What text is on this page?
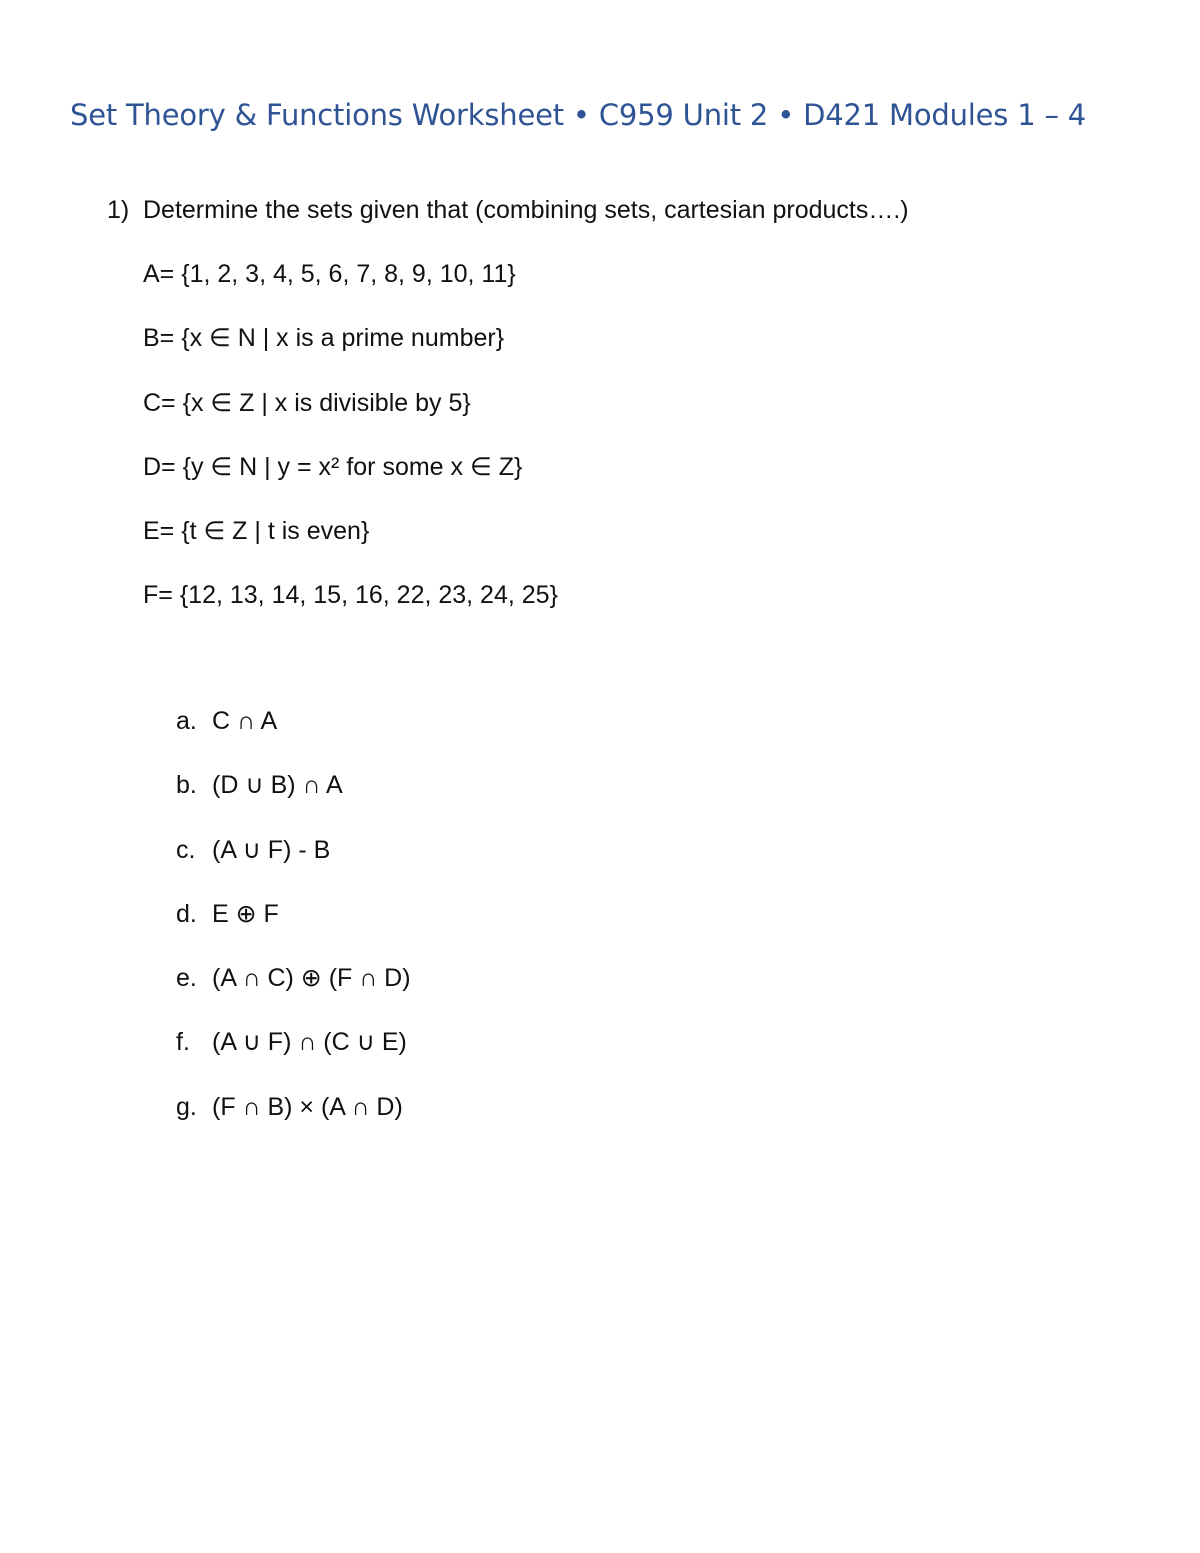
Set Theory & Functions Worksheet • C959 Unit 2 • D421 Modules 1 – 4
1) Determine the sets given that (combining sets, cartesian products….)
A= {1, 2, 3, 4, 5, 6, 7, 8, 9, 10, 11}
B= {x ∈ N | x is a prime number}
C= {x ∈ Z | x is divisible by 5}
D= {y ∈ N | y = x² for some x ∈ Z}
E= {t ∈ Z | t is even}
F= {12, 13, 14, 15, 16, 22, 23, 24, 25}
a. C ∩ A
b. (D ∪ B) ∩ A
c. (A ∪ F) - B
d. E ⊕ F
e. (A ∩ C) ⊕ (F ∩ D)
f. (A ∪ F) ∩ (C ∪ E)
g. (F ∩ B) × (A ∩ D)
